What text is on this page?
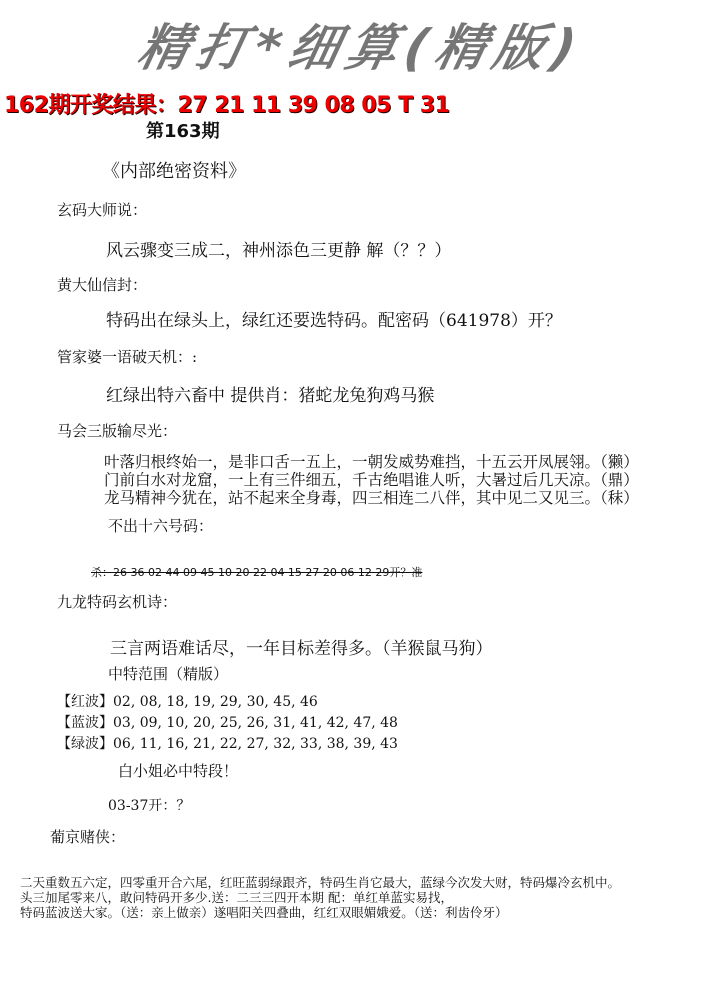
精打*细算(精版)
162期开奖结果：27 21 11 39 08 05 T 31
第163期
《内部绝密资料》
玄码大师说：
风云骤变三成二，神州添色三更静 解（？？）
黄大仙信封：
特码出在绿头上，绿红还要选特码。配密码（641978）开？
管家婆一语破天机：:
红绿出特六畜中 提供肖：猪蛇龙兔狗鸡马猴
马会三版输尽光：
叶落归根终始一，是非口舌一五上，一朝发威势难挡，十五云开凤展翎。（獭）
门前白水对龙窟，一上有三件细五，千古绝唱谁人听，大暑过后几天凉。（鼎）
龙马精神今犹在，站不起来全身毒，四三相连二八伴，其中见二又见三。（秣）
不出十六号码：
杀：26 36 02 44 09 45 10 20 22 04 15 27 20 06 12 29开？准
九龙特码玄机诗：
三言两语难话尽，一年目标差得多。（羊猴鼠马狗）
中特范围（精版）
【红波】02, 08, 18, 19, 29, 30, 45, 46
【蓝波】03, 09, 10, 20, 25, 26, 31, 41, 42, 47, 48
【绿波】06, 11, 16, 21, 22, 27, 32, 33, 38, 39, 43
白小姐必中特段！
03-37开：？
葡京赌侠：
二天重数五六定，四零重开合六尾，红旺蓝弱绿跟齐，特码生肖它最大，蓝绿今次发大财，特码爆冷玄机中。
头三加尾零来八，敢问特码开多少.送：二三三四开本期 配：单红单蓝实易找，
特码蓝波送大家。（送：亲上做亲）遂唱阳关四叠曲，红红双眼媚娥爱。（送：利齿伶牙）
